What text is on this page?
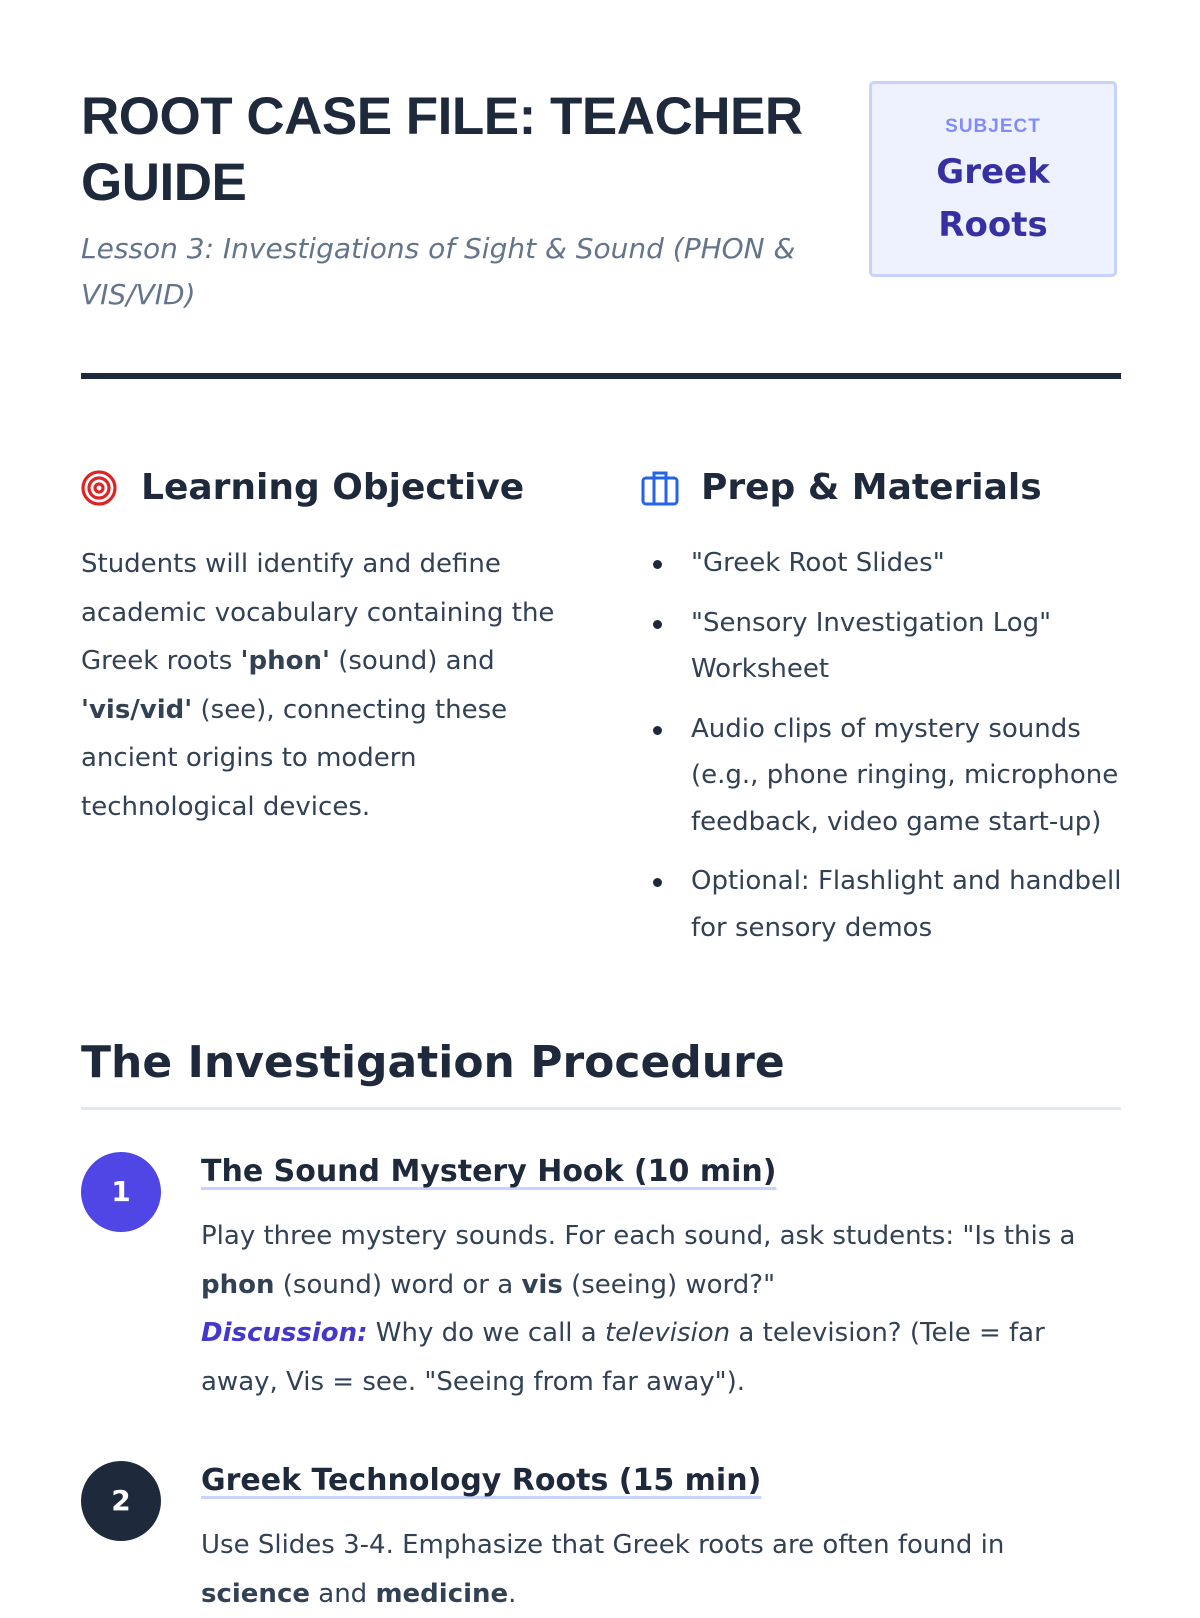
ROOT CASE FILE: TEACHER GUIDE

Lesson 3: Investigations of Sight & Sound (PHON & VIS/VID)

SUBJECT
Greek Roots
Learning Objective

Students will identify and define academic vocabulary containing the Greek roots 'phon' (sound) and 'vis/vid' (see), connecting these ancient origins to modern technological devices.

Prep & Materials
"Greek Root Slides"
"Sensory Investigation Log" Worksheet
Audio clips of mystery sounds (e.g., phone ringing, microphone feedback, video game start-up)
Optional: Flashlight and handbell for sensory demos
The Investigation Procedure
1
The Sound Mystery Hook (10 min)

Play three mystery sounds. For each sound, ask students: "Is this a phon (sound) word or a vis (seeing) word?"
Discussion: Why do we call a television a television? (Tele = far away, Vis = see. "Seeing from far away").

2
Greek Technology Roots (15 min)

Use Slides 3-4. Emphasize that Greek roots are often found in science and medicine.
